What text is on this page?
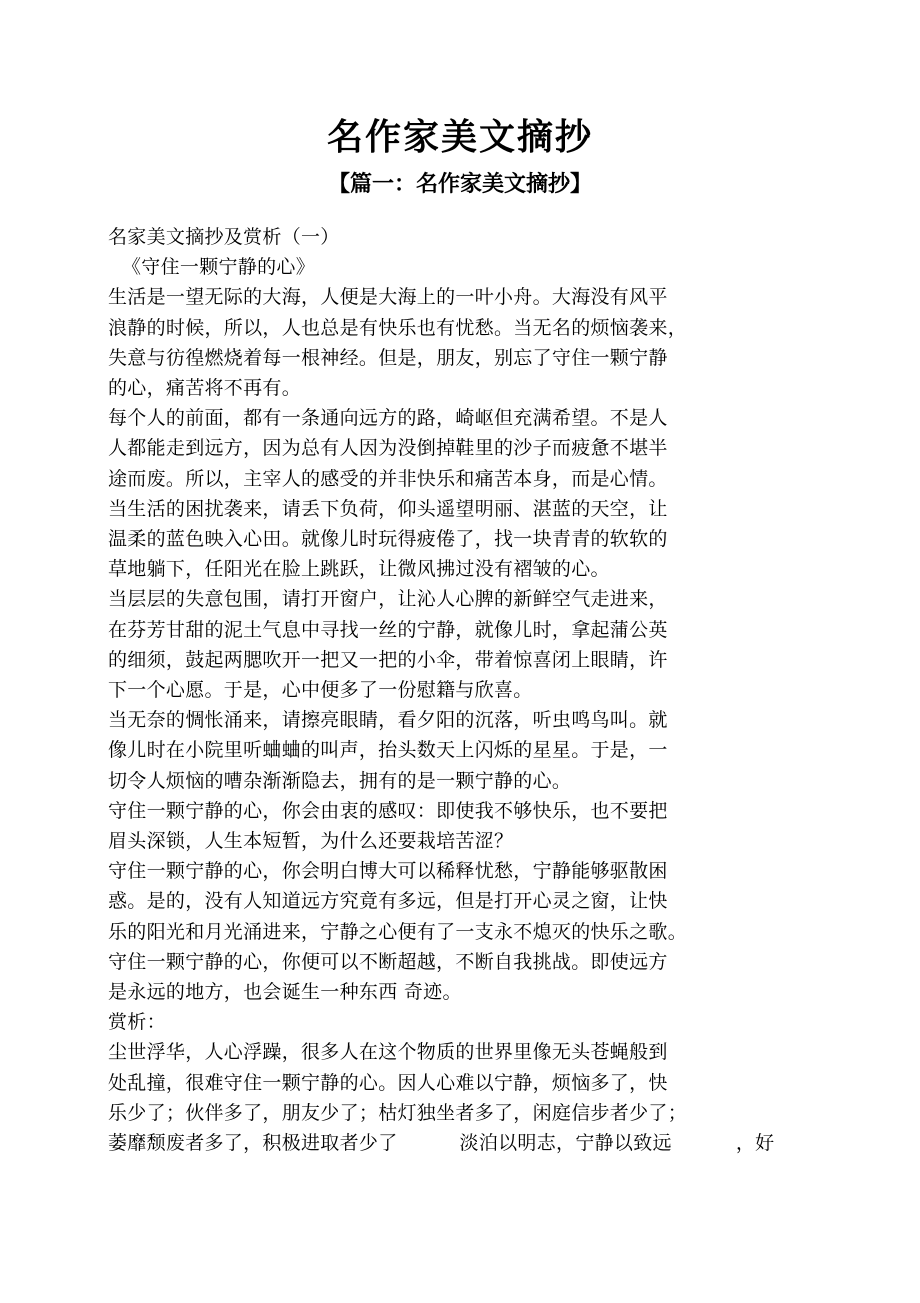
名作家美文摘抄
【篇一：名作家美文摘抄】
名家美文摘抄及赏析（一）
《守住一颗宁静的心》
生活是一望无际的大海，人便是大海上的一叶小舟。大海没有风平
浪静的时候，所以，人也总是有快乐也有忧愁。当无名的烦恼袭来，
失意与彷徨燃烧着每一根神经。但是，朋友，别忘了守住一颗宁静
的心，痛苦将不再有。
每个人的前面，都有一条通向远方的路，崎岖但充满希望。不是人
人都能走到远方，因为总有人因为没倒掉鞋里的沙子而疲惫不堪半
途而废。所以，主宰人的感受的并非快乐和痛苦本身，而是心情。
当生活的困扰袭来，请丢下负荷，仰头遥望明丽、湛蓝的天空，让
温柔的蓝色映入心田。就像儿时玩得疲倦了，找一块青青的软软的
草地躺下，任阳光在脸上跳跃，让微风拂过没有褶皱的心。
当层层的失意包围，请打开窗户，让沁人心脾的新鲜空气走进来，
在芬芳甘甜的泥土气息中寻找一丝的宁静，就像儿时，拿起蒲公英
的细须，鼓起两腮吹开一把又一把的小伞，带着惊喜闭上眼睛，许
下一个心愿。于是，心中便多了一份慰籍与欣喜。
当无奈的惆怅涌来，请擦亮眼睛，看夕阳的沉落，听虫鸣鸟叫。就
像儿时在小院里听蛐蛐的叫声，抬头数天上闪烁的星星。于是，一
切令人烦恼的嘈杂渐渐隐去，拥有的是一颗宁静的心。
守住一颗宁静的心，你会由衷的感叹：即使我不够快乐，也不要把
眉头深锁，人生本短暂，为什么还要栽培苦涩？
守住一颗宁静的心，你会明白博大可以稀释忧愁，宁静能够驱散困
惑。是的，没有人知道远方究竟有多远，但是打开心灵之窗，让快
乐的阳光和月光涌进来，宁静之心便有了一支永不熄灭的快乐之歌。
守住一颗宁静的心，你便可以不断超越，不断自我挑战。即使远方
是永远的地方，也会诞生一种东西 奇迹。
赏析：
尘世浮华，人心浮躁，很多人在这个物质的世界里像无头苍蝇般到
处乱撞，很难守住一颗宁静的心。因人心难以宁静，烦恼多了，快
乐少了；伙伴多了，朋友少了；枯灯独坐者多了，闲庭信步者少了；
萎靡颓废者多了，积极进取者少了	淡泊以明志，宁静以致远	，好
